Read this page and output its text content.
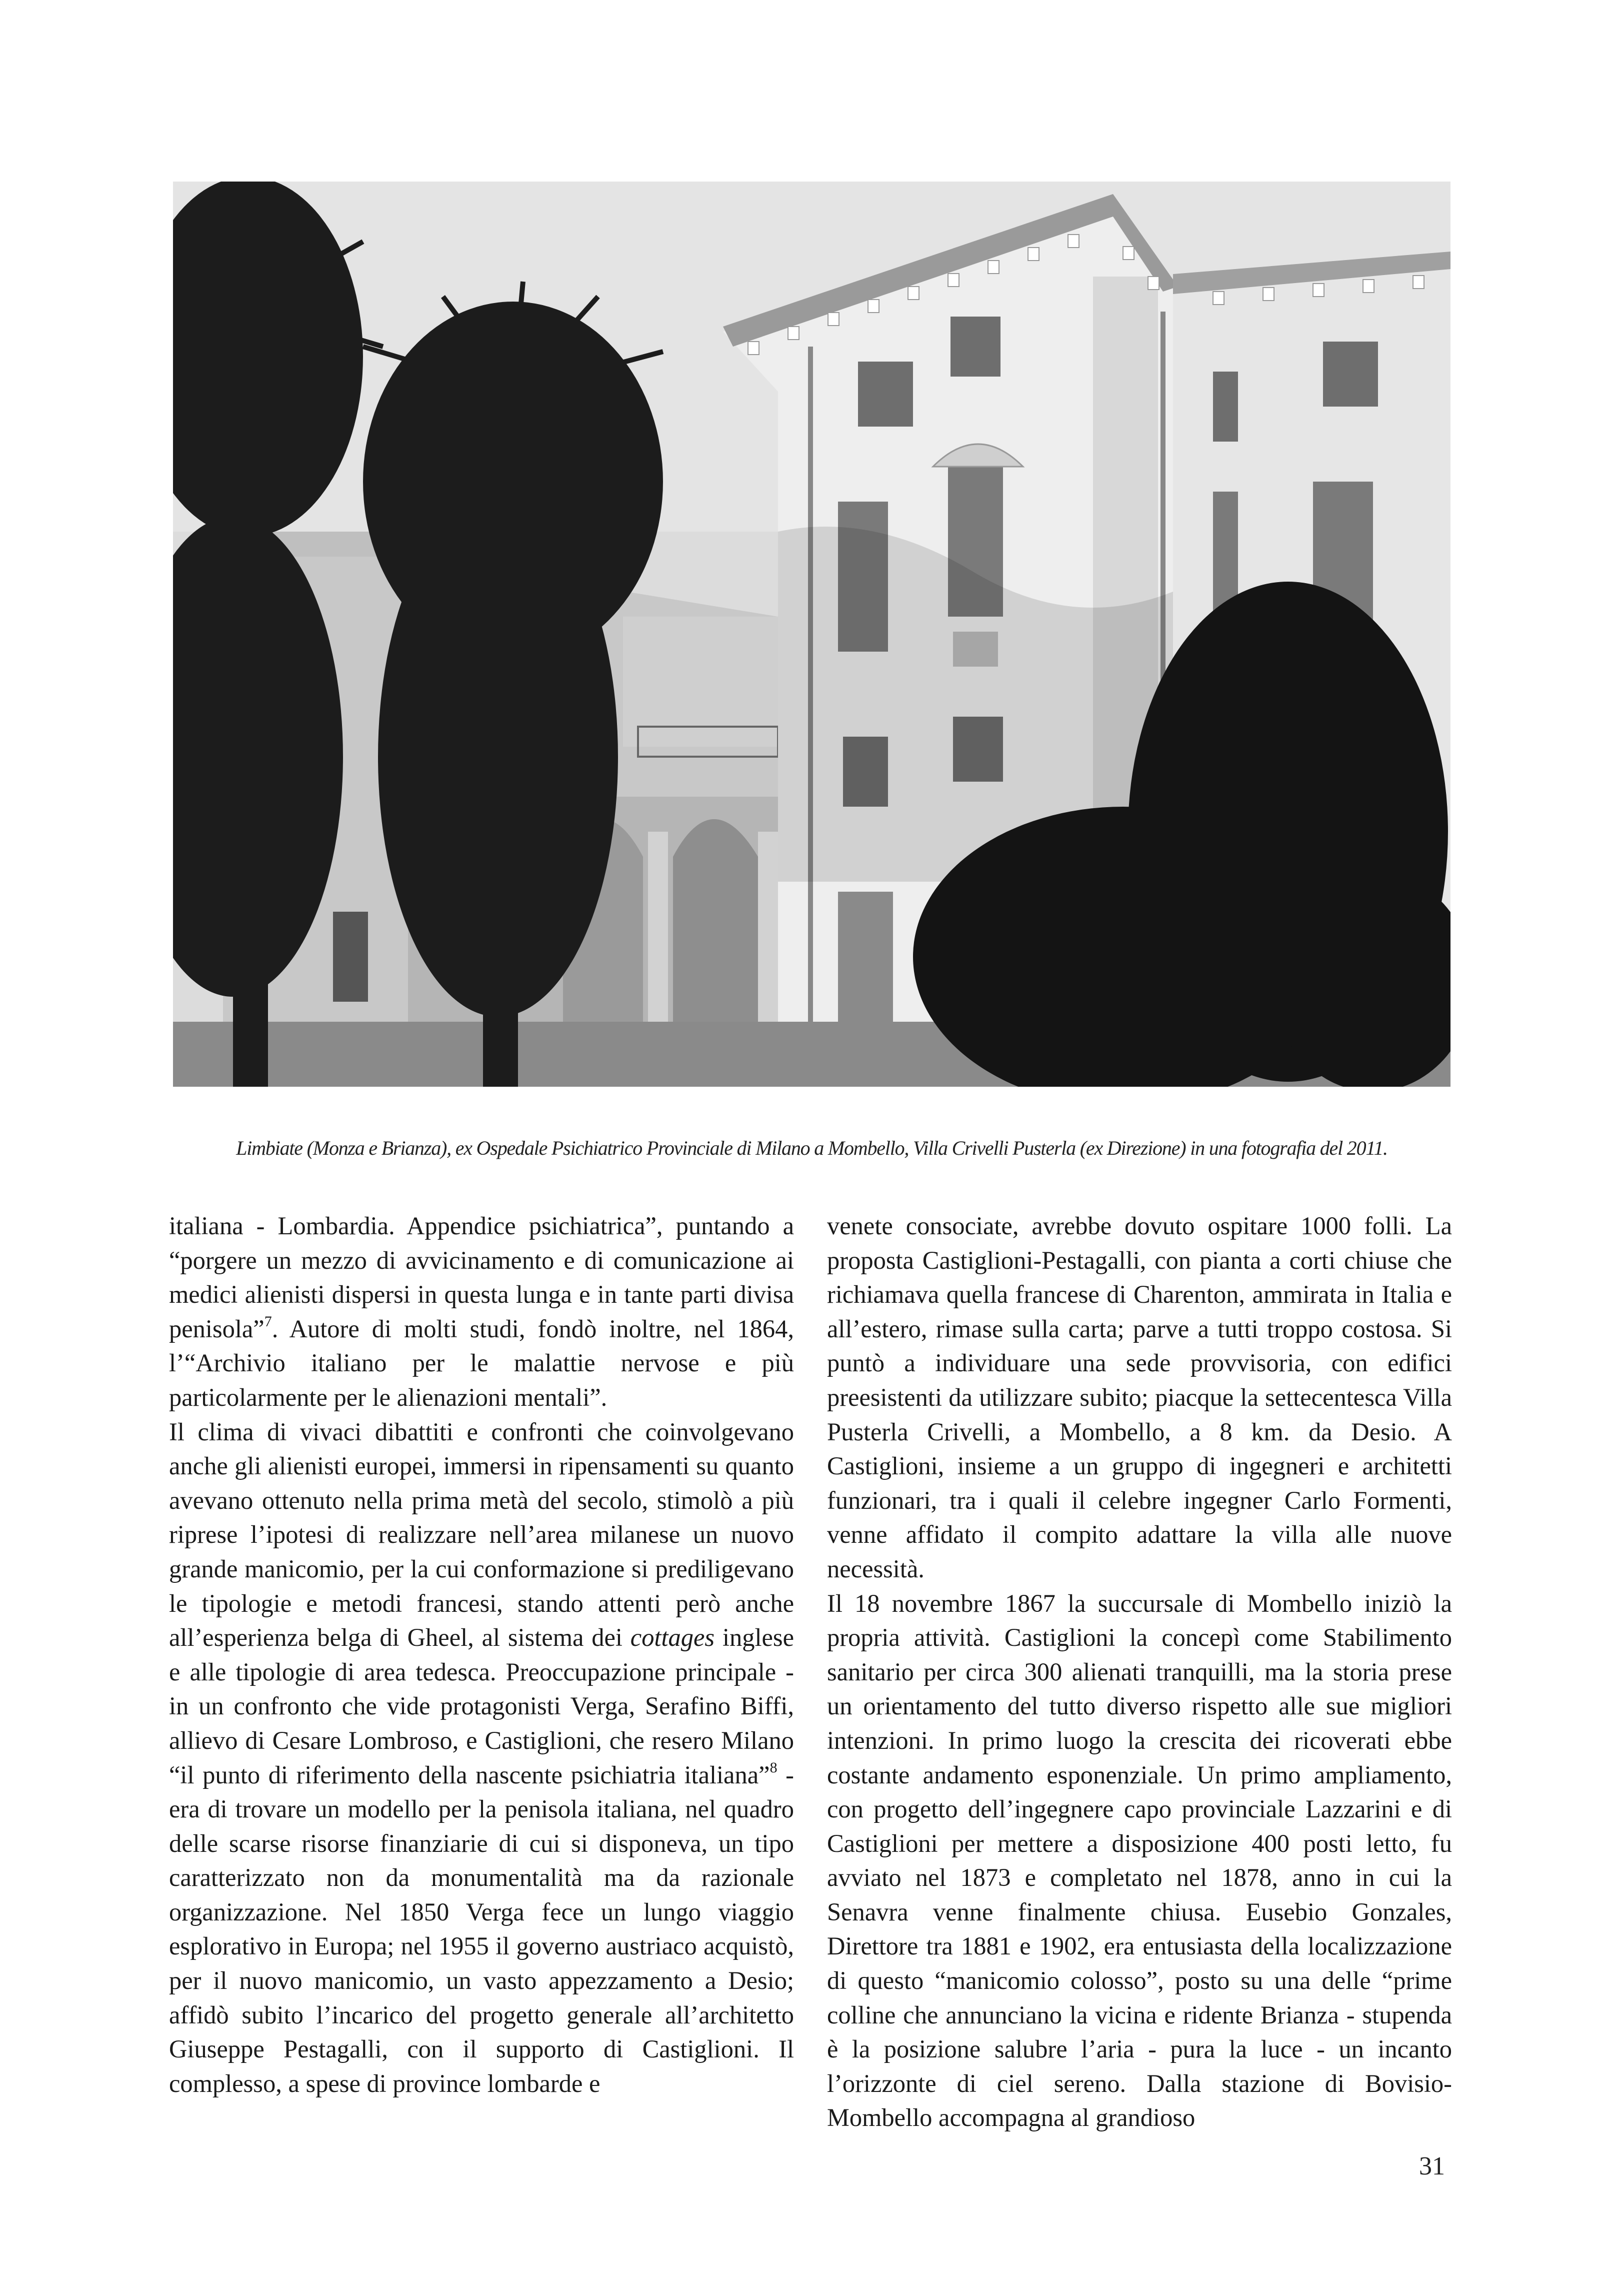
Limbiate (Monza e Brianza), ex Ospedale Psichiatrico Provinciale di Milano a Mombello, Villa Crivelli Pusterla (ex Direzione) in una fotografia del 2011.

italiana - Lombardia. Appendice psichiatrica”, puntando a “porgere un mezzo di avvicinamento e di comunicazione ai medici alienisti dispersi in questa lunga e in tante parti divisa penisola”$^7$. Autore di molti studi, fondò inoltre, nel 1864, l’“Archivio italiano per le malattie nervose e più particolarmente per le alienazioni mentali”.

Il clima di vivaci dibattiti e confronti che coinvolgevano anche gli alienisti europei, immersi in ripensamenti su quanto avevano ottenuto nella prima metà del secolo, stimolò a più riprese l’ipotesi di realizzare nell’area milanese un nuovo grande manicomio, per la cui conformazione si prediligevano le tipologie e metodi francesi, stando attenti però anche all’esperienza belga di Gheel, al sistema dei cottages inglese e alle tipologie di area tedesca. Preoccupazione principale - in un confronto che vide protagonisti Verga, Serafino Biffi, allievo di Cesare Lombroso, e Castiglioni, che resero Milano “il punto di riferimento della nascente psichiatria italiana”$^8$ - era di trovare un modello per la penisola italiana, nel quadro delle scarse risorse finanziarie di cui si disponeva, un tipo caratterizzato non da monumentalità ma da razionale organizzazione. Nel 1850 Verga fece un lungo viaggio esplorativo in Europa; nel 1955 il governo austriaco acquistò, per il nuovo manicomio, un vasto appezzamento a Desio; affidò subito l’incarico del progetto generale all’architetto Giuseppe Pestagalli, con il supporto di Castiglioni. Il complesso, a spese di province lombarde e

venete consociate, avrebbe dovuto ospitare 1000 folli. La proposta Castiglioni-Pestagalli, con pianta a corti chiuse che richiamava quella francese di Charenton, ammirata in Italia e all’estero, rimase sulla carta; parve a tutti troppo costosa. Si puntò a individuare una sede provvisoria, con edifici preesistenti da utilizzare subito; piacque la settecentesca Villa Pusterla Crivelli, a Mombello, a 8 km. da Desio. A Castiglioni, insieme a un gruppo di ingegneri e architetti funzionari, tra i quali il celebre ingegner Carlo Formenti, venne affidato il compito adattare la villa alle nuove necessità.

Il 18 novembre 1867 la succursale di Mombello iniziò la propria attività. Castiglioni la concepì come Stabilimento sanitario per circa 300 alienati tranquilli, ma la storia prese un orientamento del tutto diverso rispetto alle sue migliori intenzioni. In primo luogo la crescita dei ricoverati ebbe costante andamento esponenziale. Un primo ampliamento, con progetto dell’ingegnere capo provinciale Lazzarini e di Castiglioni per mettere a disposizione 400 posti letto, fu avviato nel 1873 e completato nel 1878, anno in cui la Senavra venne finalmente chiusa. Eusebio Gonzales, Direttore tra 1881 e 1902, era entusiasta della localizzazione di questo “manicomio colosso”, posto su una delle “prime colline che annunciano la vicina e ridente Brianza - stupenda è la posizione salubre l’aria - pura la luce - un incanto l’orizzonte di ciel sereno. Dalla stazione di Bovisio-Mombello accompagna al grandioso

31
